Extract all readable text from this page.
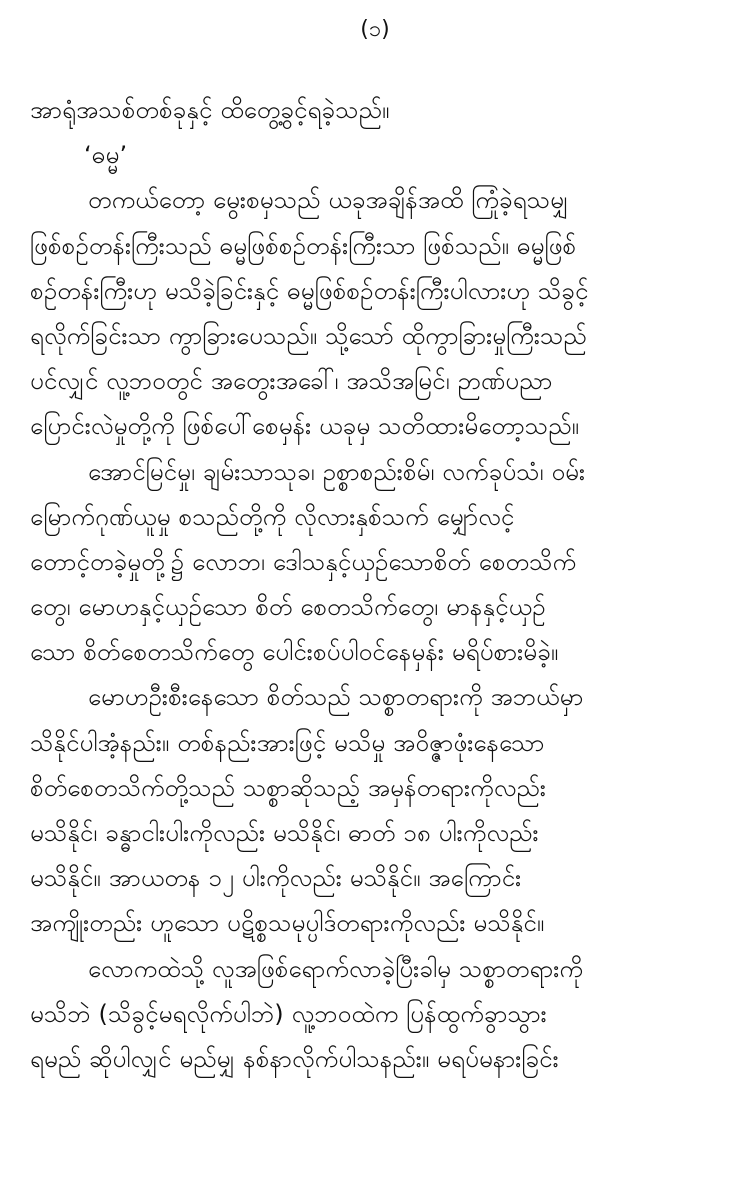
(၁)
အာရုံအသစ်တစ်ခုနှင့် ထိတွေ့ခွင့်ရခဲ့သည်။
‘ဓမ္မ’
တကယ်တော့ မွေးစမှသည် ယခုအချိန်အထိ ကြုံခဲ့ရသမျှ
ဖြစ်စဉ်တန်းကြီးသည် ဓမ္မဖြစ်စဉ်တန်းကြီးသာ ဖြစ်သည်။ ဓမ္မဖြစ်
စဉ်တန်းကြီးဟု မသိခဲ့ခြင်းနှင့် ဓမ္မဖြစ်စဉ်တန်းကြီးပါလားဟု သိခွင့်
ရလိုက်ခြင်းသာ ကွာခြားပေသည်။ သို့သော် ထိုကွာခြားမှုကြီးသည်
ပင်လျှင် လူ့ဘဝတွင် အတွေးအခေါ်၊ အသိအမြင်၊ ဉာဏ်ပညာ
ပြောင်းလဲမှုတို့ကို ဖြစ်ပေါ်စေမှန်း ယခုမှ သတိထားမိတော့သည်။
အောင်မြင်မှု၊ ချမ်းသာသုခ၊ ဥစ္စာစည်းစိမ်၊ လက်ခုပ်သံ၊ ဝမ်း
မြောက်ဂုဏ်ယူမှု စသည်တို့ကို လိုလားနှစ်သက် မျှော်လင့်
တောင့်တခဲ့မှုတို့၌ လောဘ၊ ဒေါသနှင့်ယှဉ်သောစိတ် စေတသိက်
တွေ၊ မောဟနှင့်ယှဉ်သော စိတ် စေတသိက်တွေ၊ မာနနှင့်ယှဉ်
သော စိတ်စေတသိက်တွေ ပေါင်းစပ်ပါဝင်နေမှန်း မရိပ်စားမိခဲ့။
မောဟဦးစီးနေသော စိတ်သည် သစ္စာတရားကို အဘယ်မှာ
သိနိုင်ပါအံ့နည်း။ တစ်နည်းအားဖြင့် မသိမှု အဝိဇ္ဇာဖုံးနေသော
စိတ်စေတသိက်တို့သည် သစ္စာဆိုသည့် အမှန်တရားကိုလည်း
မသိနိုင်၊ ခန္ဓာငါးပါးကိုလည်း မသိနိုင်၊ ဓာတ် ၁၈ ပါးကိုလည်း
မသိနိုင်။ အာယတန ၁၂ ပါးကိုလည်း မသိနိုင်။ အကြောင်း
အကျိုးတည်း ဟူသော ပဋိစ္စသမုပ္ပါဒ်တရားကိုလည်း မသိနိုင်။
လောကထဲသို့ လူအဖြစ်ရောက်လာခဲ့ပြီးခါမှ သစ္စာတရားကို
မသိဘဲ (သိခွင့်မရလိုက်ပါဘဲ) လူ့ဘဝထဲက ပြန်ထွက်ခွာသွား
ရမည် ဆိုပါလျှင် မည်မျှ နစ်နာလိုက်ပါသနည်း။ မရပ်မနားခြင်း
